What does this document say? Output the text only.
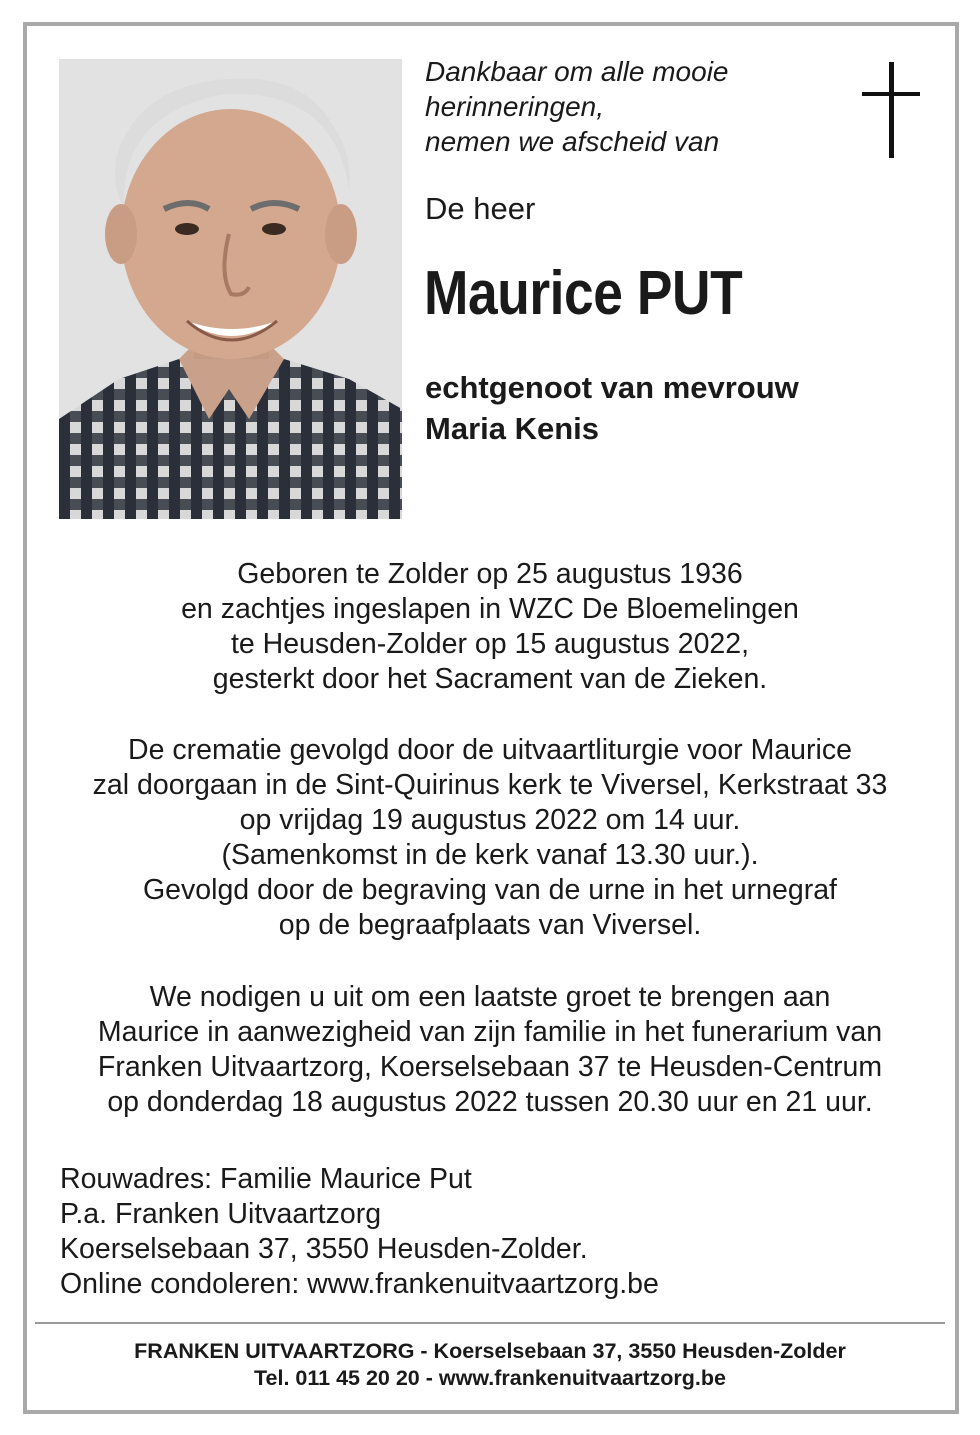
Dankbaar om alle mooie
herinneringen,
nemen we afscheid van
De heer
Maurice PUT
echtgenoot van mevrouw
Maria Kenis
Geboren te Zolder op 25 augustus 1936
en zachtjes ingeslapen in WZC De Bloemelingen
te Heusden-Zolder op 15 augustus 2022,
gesterkt door het Sacrament van de Zieken.
De crematie gevolgd door de uitvaartliturgie voor Maurice
zal doorgaan in de Sint-Quirinus kerk te Viversel, Kerkstraat 33
op vrijdag 19 augustus 2022 om 14 uur.
(Samenkomst in de kerk vanaf 13.30 uur.).
Gevolgd door de begraving van de urne in het urnegraf
op de begraafplaats van Viversel.
We nodigen u uit om een laatste groet te brengen aan
Maurice in aanwezigheid van zijn familie in het funerarium van
Franken Uitvaartzorg, Koerselsebaan 37 te Heusden-Centrum
op donderdag 18 augustus 2022 tussen 20.30 uur en 21 uur.
Rouwadres: Familie Maurice Put
P.a. Franken Uitvaartzorg
Koerselsebaan 37, 3550 Heusden-Zolder.
Online condoleren: www.frankenuitvaartzorg.be
FRANKEN UITVAARTZORG - Koerselsebaan 37, 3550 Heusden-Zolder
Tel. 011 45 20 20 - www.frankenuitvaartzorg.be
